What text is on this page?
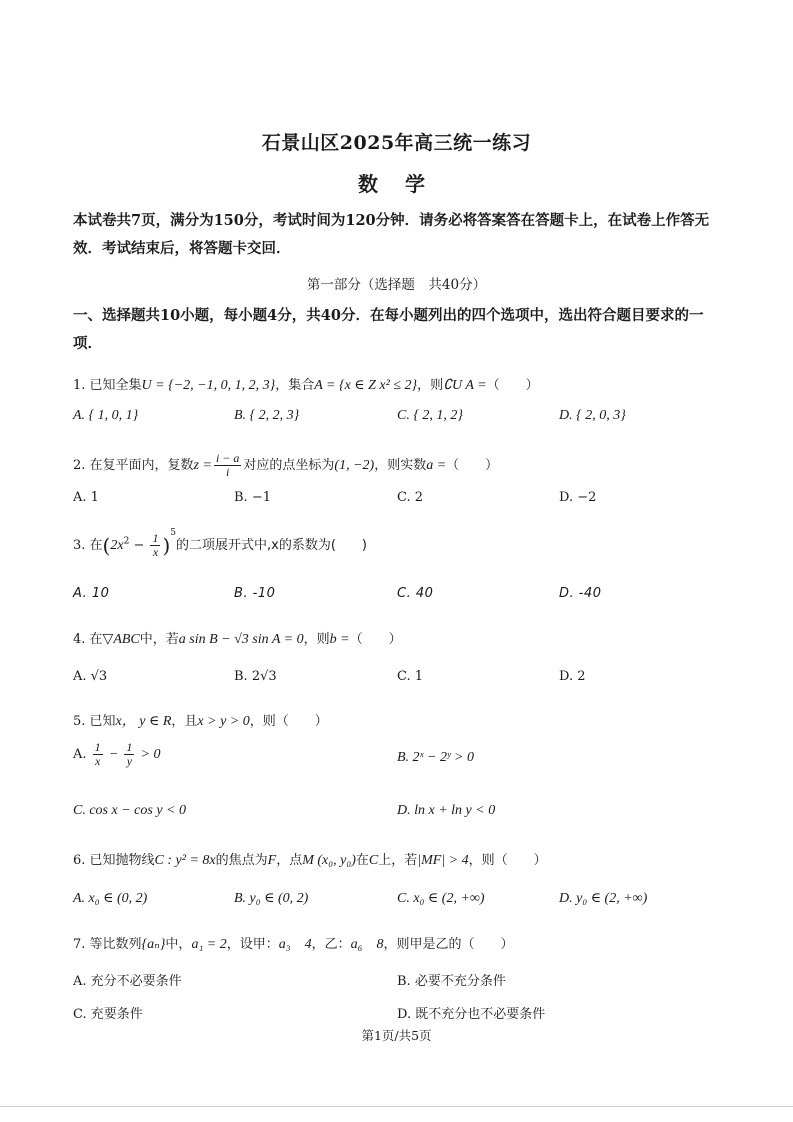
石景山区2025年高三统一练习
数 学
本试卷共7页，满分为150分，考试时间为120分钟．请务必将答案答在答题卡上，在试卷上作答无效．考试结束后，将答题卡交回．
第一部分（选择题　共40分）
一、选择题共10小题，每小题4分，共40分．在每小题列出的四个选项中，选出符合题目要求的一项．
1. 已知全集U = {−2, −1, 0, 1, 2, 3}，集合A = {x ∈ Z x² ≤ 2}，则∁U A =（　　）
A. { 1, 0, 1}	B. { 2, 2, 3}	C. { 2, 1, 2}	D. { 2, 0, 3}
2. 在复平面内，复数$z = \frac{i - a}{i}$ 对应的点坐标为(1, −2)，则实数a =（　　）
A. 1	B. −1	C. 2	D. −2
3. 在$(2x^2 - \frac{1}{x} )^5$的二项展开式中,x的系数为(　　)
A. 10	B. -10	C. 40	D. -40
4. 在▽ABC中，若a sin B − √3 sin A = 0，则b =（　　）
A. √3	B. 2√3	C. 1	D. 2
5. 已知x， y ∈ R，且x > y > 0，则（　　）
A. $\frac{1}{x} - \frac{1}{y} > 0$	B. 2ˣ − 2ʸ > 0
C. cos x − cos y < 0	D. ln x + ln y < 0
6. 已知抛物线C : y² = 8x的焦点为F，点M (x₀, y₀)在C上，若|MF| > 4，则（　　）
A. x₀ ∈ (0, 2)	B. y₀ ∈ (0, 2)	C. x₀ ∈ (2, +∞)	D. y₀ ∈ (2, +∞)
7. 等比数列{aₙ}中，a₁ = 2，设甲：a₃　4，乙：a₆　8，则甲是乙的（　　）
A. 充分不必要条件	B. 必要不充分条件
C. 充要条件	D. 既不充分也不必要条件
第1页/共5页
